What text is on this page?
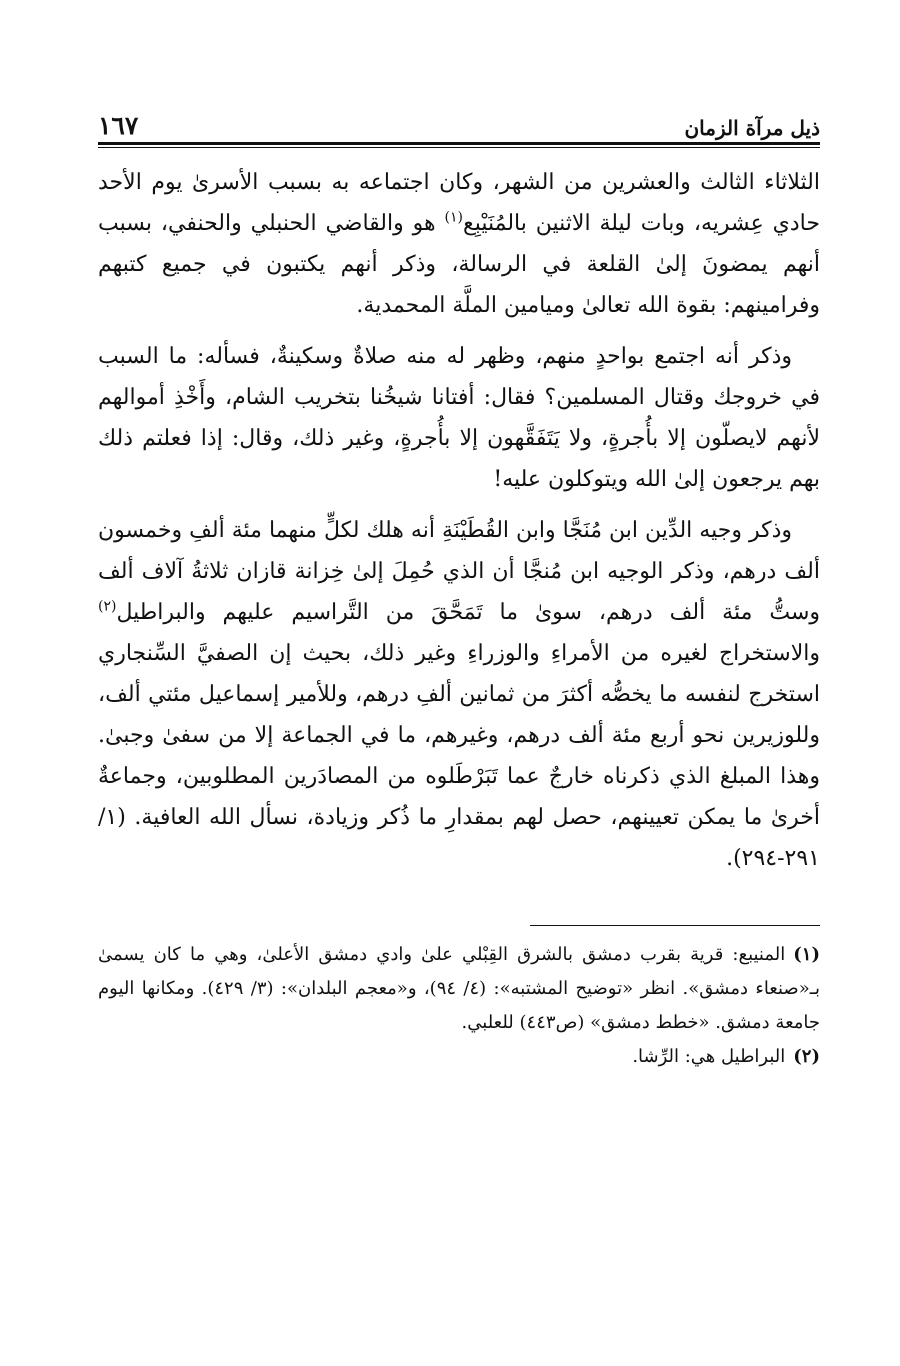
ذيل مرآة الزمان
١٦٧

الثلاثاء الثالث والعشرين من الشهر، وكان اجتماعه به بسبب الأسرىٰ يوم الأحد حادي عِشريه، وبات ليلة الاثنين بالمُنَيْبِع$^{(١)}$ هو والقاضي الحنبلي والحنفي، بسبب أنهم يمضونَ إلىٰ القلعة في الرسالة، وذكر أنهم يكتبون في جميع كتبهم وفرامينهم: بقوة الله تعالىٰ وميامين الملَّة المحمدية.

وذكر أنه اجتمع بواحدٍ منهم، وظهر له منه صلاةٌ وسكينةٌ، فسأله: ما السبب في خروجك وقتال المسلمين؟ فقال: أفتانا شيخُنا بتخريب الشام، وأَخْذِ أموالهم لأنهم لايصلّون إلا بأُجرةٍ، ولا يَتَفَقَّهون إلا بأُجرةٍ، وغير ذلك، وقال: إذا فعلتم ذلك بهم يرجعون إلىٰ الله ويتوكلون عليه!

وذكر وجيه الدِّين ابن مُنَجَّا وابن القُطَيْنَةِ أنه هلك لكلٍّ منهما مئة ألفِ وخمسون ألف درهم، وذكر الوجيه ابن مُنجَّا أن الذي حُمِلَ إلىٰ خِزانة قازان ثلاثةُ آلاف ألف وستُّ مئة ألف درهم، سوىٰ ما تَمَحَّقَ من التَّراسيم عليهم والبراطيل$^{(٢)}$ والاستخراج لغيره من الأمراءِ والوزراءِ وغير ذلك، بحيث إن الصفيَّ السِّنجاري استخرج لنفسه ما يخصُّه أكثرَ من ثمانين ألفِ درهم، وللأمير إسماعيل مئتي ألف، وللوزيرين نحو أربع مئة ألف درهم، وغيرهم، ما في الجماعة إلا من سفىٰ وجبىٰ. وهذا المبلغ الذي ذكرناه خارجٌ عما تَبَرْطَلوه من المصادَرين المطلوبين، وجماعةٌ أخرىٰ ما يمكن تعيينهم، حصل لهم بمقدارِ ما ذُكر وزيادة، نسأل الله العافية. (١/ ٢٩١-٢٩٤).

(١)المنيبع: قرية بقرب دمشق بالشرق القِبْلي علىٰ وادي دمشق الأعلىٰ، وهي ما كان يسمىٰ بـ«صنعاء دمشق». انظر «توضيح المشتبه»: (٤/ ٩٤)، و«معجم البلدان»: (٣/ ٤٢٩). ومكانها اليوم جامعة دمشق. «خطط دمشق» (ص٤٤٣) للعلبي.

(٢)البراطيل هي: الرِّشا.
